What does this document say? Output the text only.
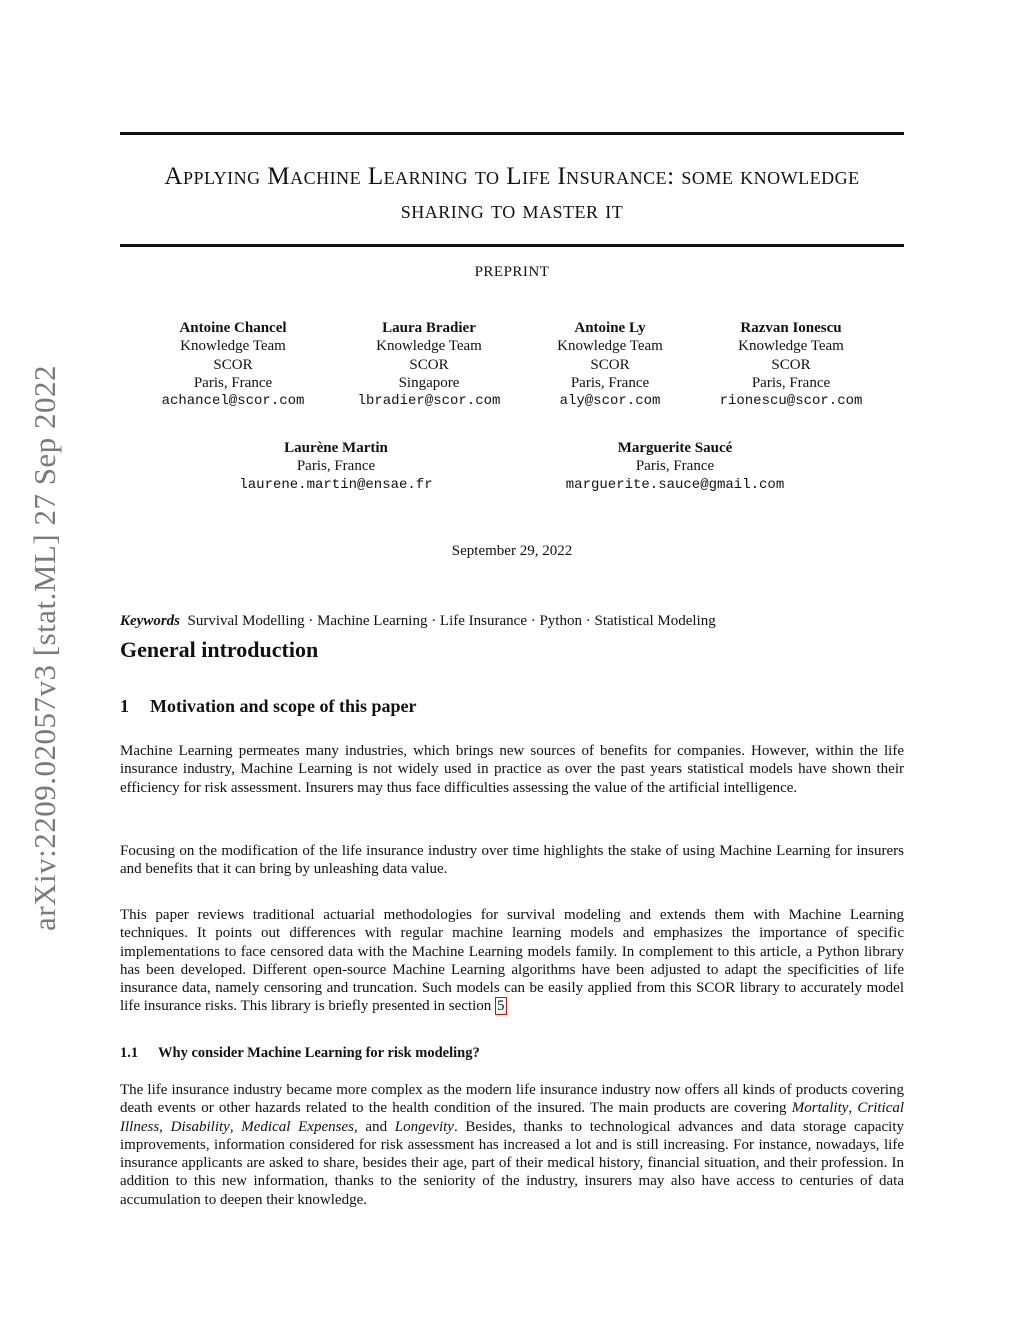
arXiv:2209.02057v3 [stat.ML] 27 Sep 2022
Applying Machine Learning to Life Insurance: some knowledge sharing to master it
PREPRINT
Antoine Chancel
Knowledge Team
SCOR
Paris, France
achancel@scor.com
Laura Bradier
Knowledge Team
SCOR
Singapore
lbradier@scor.com
Antoine Ly
Knowledge Team
SCOR
Paris, France
aly@scor.com
Razvan Ionescu
Knowledge Team
SCOR
Paris, France
rionescu@scor.com
Laurène Martin
Paris, France
laurene.martin@ensae.fr
Marguerite Saucé
Paris, France
marguerite.sauce@gmail.com
September 29, 2022
Keywords Survival Modelling · Machine Learning · Life Insurance · Python · Statistical Modeling
General introduction
1 Motivation and scope of this paper
Machine Learning permeates many industries, which brings new sources of benefits for companies. However, within the life insurance industry, Machine Learning is not widely used in practice as over the past years statistical models have shown their efficiency for risk assessment. Insurers may thus face difficulties assessing the value of the artificial intelligence.
Focusing on the modification of the life insurance industry over time highlights the stake of using Machine Learning for insurers and benefits that it can bring by unleashing data value.
This paper reviews traditional actuarial methodologies for survival modeling and extends them with Machine Learning techniques. It points out differences with regular machine learning models and emphasizes the importance of specific implementations to face censored data with the Machine Learning models family. In complement to this article, a Python library has been developed. Different open-source Machine Learning algorithms have been adjusted to adapt the specificities of life insurance data, namely censoring and truncation. Such models can be easily applied from this SCOR library to accurately model life insurance risks. This library is briefly presented in section 5
1.1 Why consider Machine Learning for risk modeling?
The life insurance industry became more complex as the modern life insurance industry now offers all kinds of products covering death events or other hazards related to the health condition of the insured. The main products are covering Mortality, Critical Illness, Disability, Medical Expenses, and Longevity. Besides, thanks to technological advances and data storage capacity improvements, information considered for risk assessment has increased a lot and is still increasing. For instance, nowadays, life insurance applicants are asked to share, besides their age, part of their medical history, financial situation, and their profession. In addition to this new information, thanks to the seniority of the industry, insurers may also have access to centuries of data accumulation to deepen their knowledge.
